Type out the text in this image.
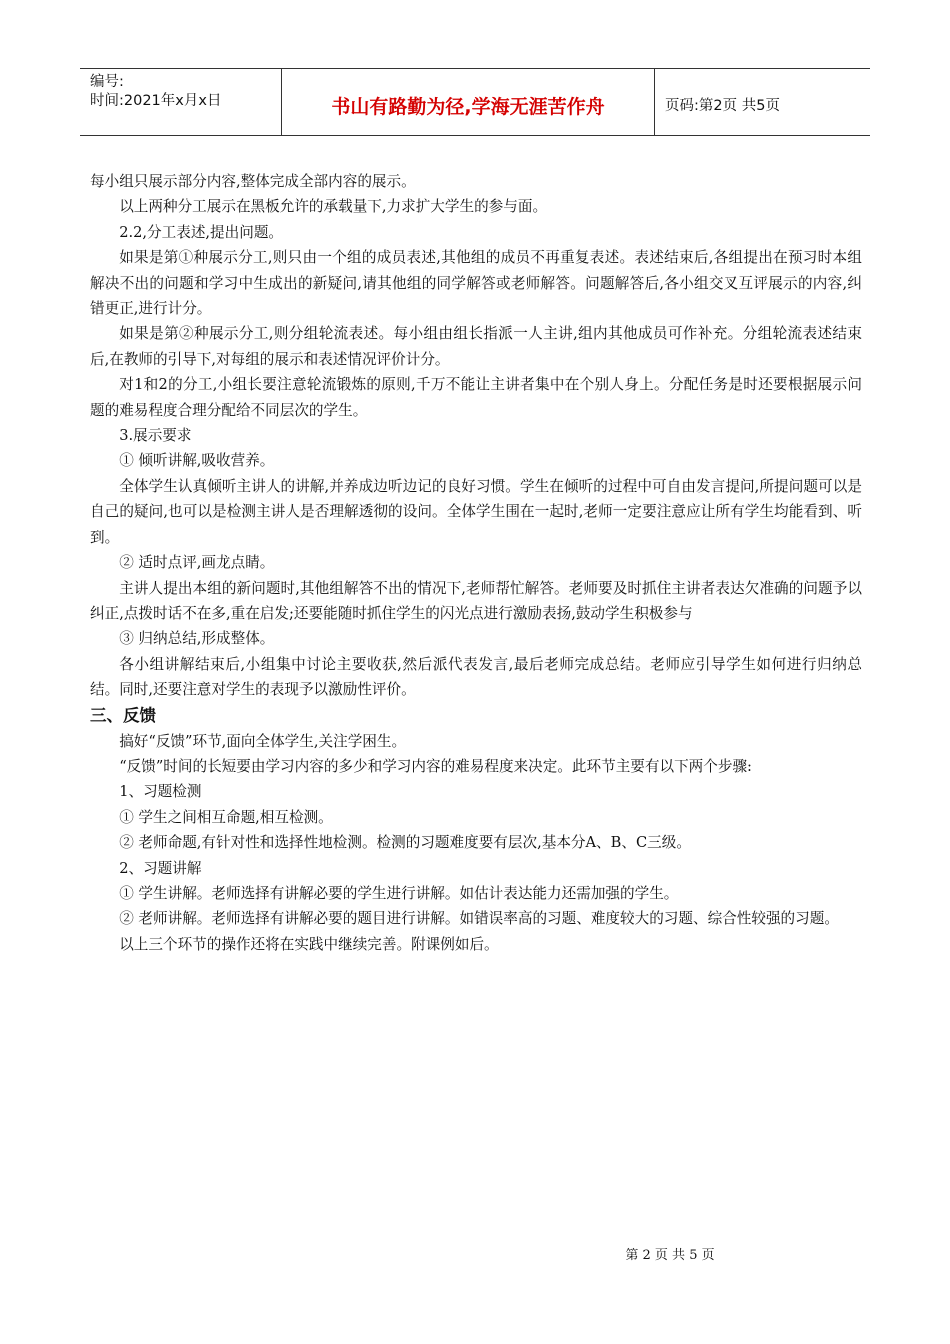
编号:
时间:2021年x月x日	书山有路勤为径,学海无涯苦作舟	页码:第2页 共5页

每小组只展示部分内容,整体完成全部内容的展示。

以上两种分工展示在黑板允许的承载量下,力求扩大学生的参与面。

2.2,分工表述,提出问题。

如果是第①种展示分工,则只由一个组的成员表述,其他组的成员不再重复表述。表述结束后,各组提出在预习时本组解决不出的问题和学习中生成出的新疑问,请其他组的同学解答或老师解答。问题解答后,各小组交叉互评展示的内容,纠错更正,进行计分。

如果是第②种展示分工,则分组轮流表述。每小组由组长指派一人主讲,组内其他成员可作补充。分组轮流表述结束后,在教师的引导下,对每组的展示和表述情况评价计分。

对1和2的分工,小组长要注意轮流锻炼的原则,千万不能让主讲者集中在个别人身上。分配任务是时还要根据展示问题的难易程度合理分配给不同层次的学生。

3.展示要求

① 倾听讲解,吸收营养。

全体学生认真倾听主讲人的讲解,并养成边听边记的良好习惯。学生在倾听的过程中可自由发言提问,所提问题可以是自己的疑问,也可以是检测主讲人是否理解透彻的设问。全体学生围在一起时,老师一定要注意应让所有学生均能看到、听到。

② 适时点评,画龙点睛。

主讲人提出本组的新问题时,其他组解答不出的情况下,老师帮忙解答。老师要及时抓住主讲者表达欠准确的问题予以纠正,点拨时话不在多,重在启发;还要能随时抓住学生的闪光点进行激励表扬,鼓动学生积极参与

③ 归纳总结,形成整体。

各小组讲解结束后,小组集中讨论主要收获,然后派代表发言,最后老师完成总结。老师应引导学生如何进行归纳总结。同时,还要注意对学生的表现予以激励性评价。

三、反馈

搞好“反馈”环节,面向全体学生,关注学困生。

“反馈”时间的长短要由学习内容的多少和学习内容的难易程度来决定。此环节主要有以下两个步骤:

1、习题检测

① 学生之间相互命题,相互检测。

② 老师命题,有针对性和选择性地检测。检测的习题难度要有层次,基本分A、B、C三级。

2、习题讲解

① 学生讲解。老师选择有讲解必要的学生进行讲解。如估计表达能力还需加强的学生。

② 老师讲解。老师选择有讲解必要的题目进行讲解。如错误率高的习题、难度较大的习题、综合性较强的习题。

以上三个环节的操作还将在实践中继续完善。附课例如后。

第 2 页 共 5 页
